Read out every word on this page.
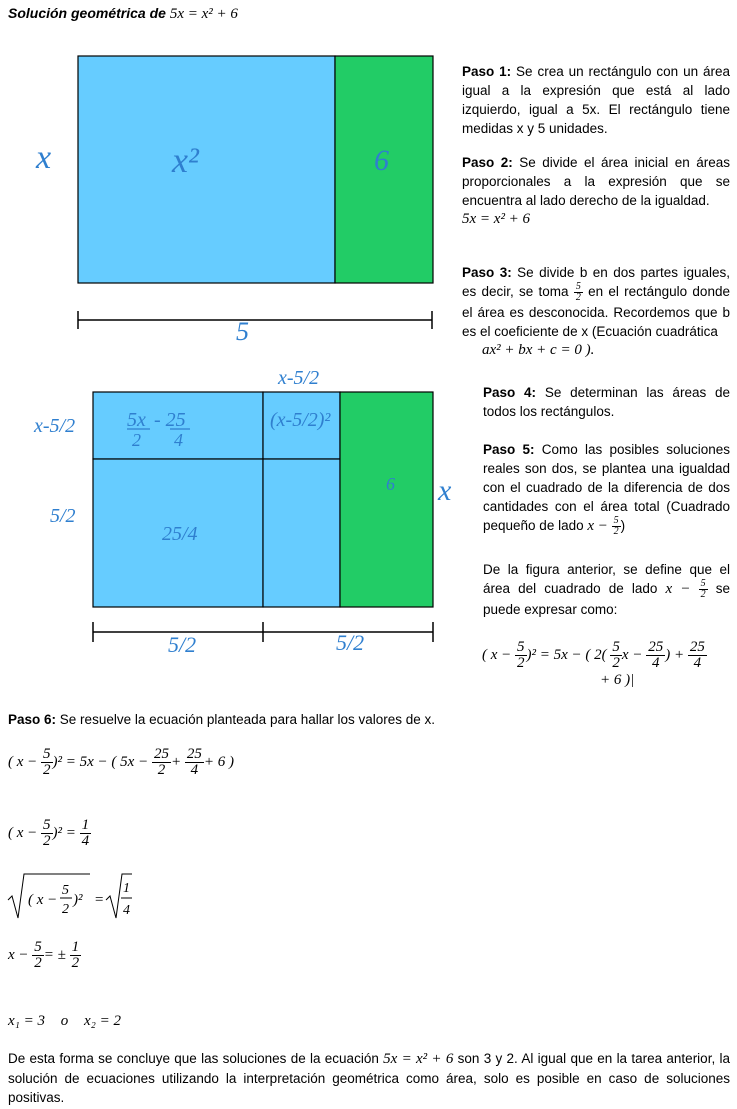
Solución geométrica de 5x = x² + 6
x	x²	6
5
x-5/2
x-5/2
5/2
5x
2
- 25
4
(x-5/2)²
25/4
6 x
5/2	5/2
Paso 1: Se crea un rectángulo con un área igual a la expresión que está al lado izquierdo, igual a 5x. El rectángulo tiene medidas x y 5 unidades.
Paso 2: Se divide el área inicial en áreas proporcionales a la expresión que se encuentra al lado derecho de la igualdad.
5x = x² + 6
Paso 3: Se divide b en dos partes iguales, es decir, se toma $\frac{5}{2}$ en el rectángulo donde el área es desconocida. Recordemos que b es el coeficiente de x (Ecuación cuadrática
ax² + bx + c = 0 ).
Paso 4: Se determinan las áreas de todos los rectángulos.
Paso 5: Como las posibles soluciones reales son dos, se plantea una igualdad con el cuadrado de la diferencia de dos cantidades con el área total (Cuadrado pequeño de lado $x - \frac{5}{2}$ )
De la figura anterior, se define que el área del cuadrado de lado $x - \frac{5}{2}$ se puede expresar como:
( $x - \frac{5}{2} )^2 = 5x$ − ( $2( \frac{5}{2}$ $x - \frac{25}{4}$ ) + $\frac{25}{4}$
+ 6 )|
Paso 6: Se resuelve la ecuación planteada para hallar los valores de x.
( $x - \frac{5}{2} )^2 = 5x$ − ( $5x - \frac{25}{2} + \frac{25}{4} + 6$ )
( $x - \frac{5}{2} )^2 = \frac{1}{4}$
( x −
5
2
)² =
1
4
$x - \frac{5}{2}$ = ± $\frac{1}{2}$
x₁ = 3 o x₂ = 2
De esta forma se concluye que las soluciones de la ecuación 5x = x² + 6 son 3 y 2. Al igual que en la tarea anterior, la solución de ecuaciones utilizando la interpretación geométrica como área, solo es posible en caso de soluciones positivas.
